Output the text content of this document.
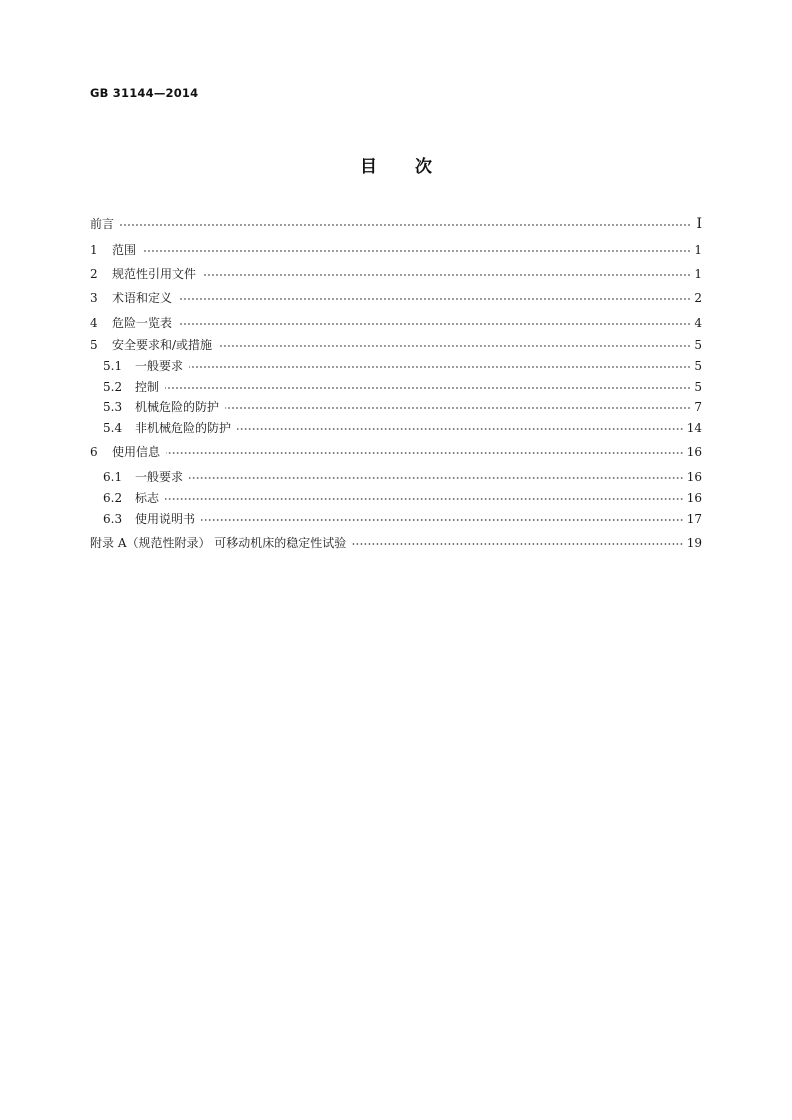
GB 31144—2014
目 次
前言	Ⅰ
1	范围	1
2	规范性引用文件	1
3	术语和定义	2
4	危险一览表	4
5	安全要求和/或措施	5
5.1	一般要求	5
5.2	控制	5
5.3	机械危险的防护	7
5.4	非机械危险的防护	14
6	使用信息	16
6.1	一般要求	16
6.2	标志	16
6.3	使用说明书	17
附录 A（规范性附录） 可移动机床的稳定性试验	19
